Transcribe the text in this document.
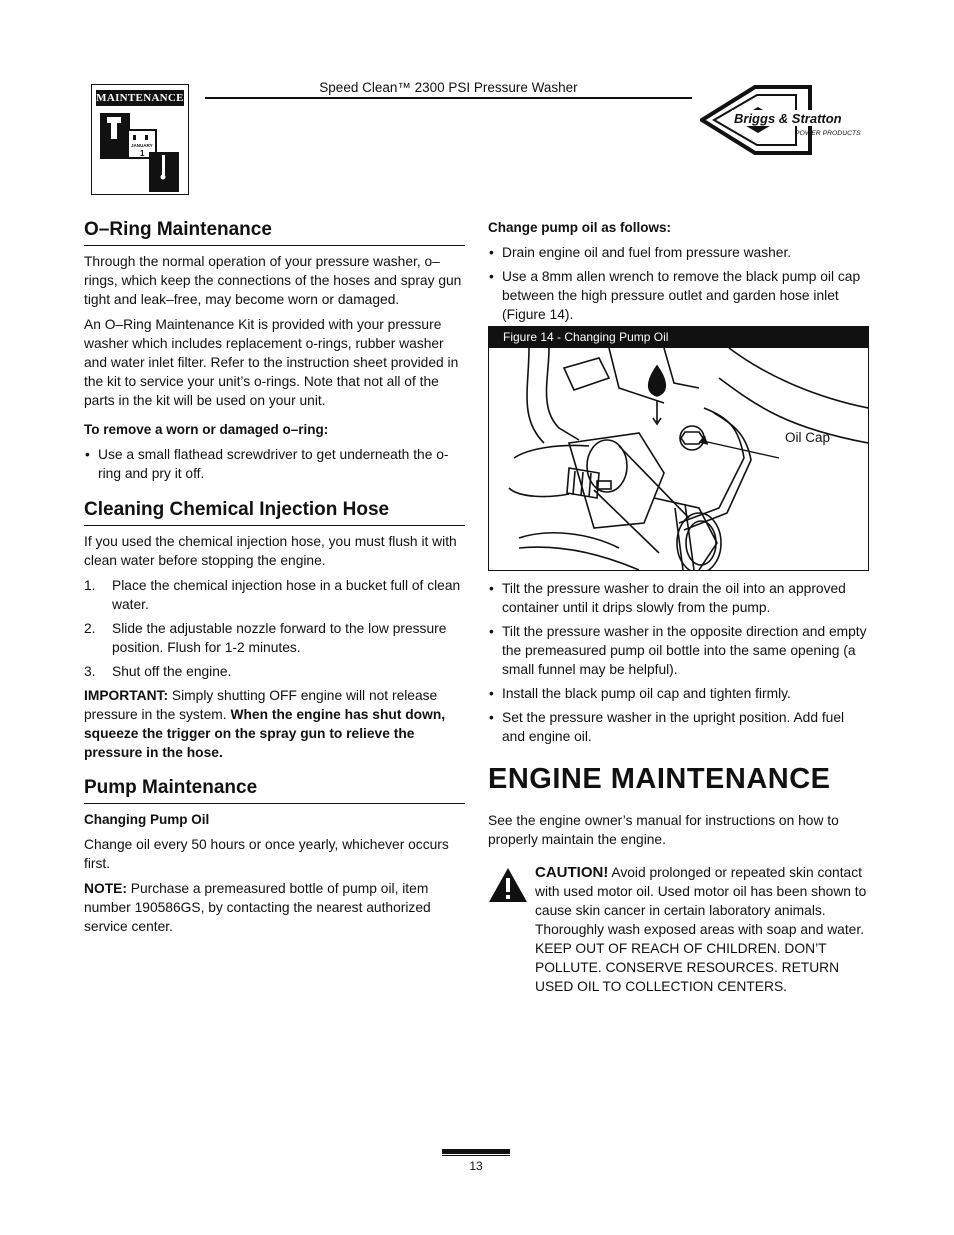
MAINTENANCE
JANUARY
1
Speed Clean™ 2300 PSI Pressure Washer
Briggs & Stratton
POWER PRODUCTS
O–Ring Maintenance

Through the normal operation of your pressure washer, o–rings, which keep the connections of the hoses and spray gun tight and leak–free, may become worn or damaged.

An O–Ring Maintenance Kit is provided with your pressure washer which includes replacement o-rings, rubber washer and water inlet filter. Refer to the instruction sheet provided in the kit to service your unit’s o-rings. Note that not all of the parts in the kit will be used on your unit.

To remove a worn or damaged o–ring:
• Use a small flathead screwdriver to get underneath the o-ring and pry it off.
Cleaning Chemical Injection Hose

If you used the chemical injection hose, you must flush it with clean water before stopping the engine.

1. Place the chemical injection hose in a bucket full of clean water.
2. Slide the adjustable nozzle forward to the low pressure position. Flush for 1-2 minutes.
3. Shut off the engine.

IMPORTANT: Simply shutting OFF engine will not release pressure in the system. When the engine has shut down, squeeze the trigger on the spray gun to relieve the pressure in the hose.

Pump Maintenance
Changing Pump Oil

Change oil every 50 hours or once yearly, whichever occurs first.

NOTE: Purchase a premeasured bottle of pump oil, item number 190586GS, by contacting the nearest authorized service center.

Change pump oil as follows:
• Drain engine oil and fuel from pressure washer.
• Use a 8mm allen wrench to remove the black pump oil cap between the high pressure outlet and garden hose inlet (Figure 14).
Figure 14 - Changing Pump Oil
Oil Cap
• Tilt the pressure washer to drain the oil into an approved container until it drips slowly from the pump.
• Tilt the pressure washer in the opposite direction and empty the premeasured pump oil bottle into the same opening (a small funnel may be helpful).
• Install the black pump oil cap and tighten firmly.
• Set the pressure washer in the upright position. Add fuel and engine oil.
ENGINE MAINTENANCE

See the engine owner’s manual for instructions on how to properly maintain the engine.

CAUTION! Avoid prolonged or repeated skin contact with used motor oil. Used motor oil has been shown to cause skin cancer in certain laboratory animals. Thoroughly wash exposed areas with soap and water.

KEEP OUT OF REACH OF CHILDREN. DON’T POLLUTE. CONSERVE RESOURCES. RETURN USED OIL TO COLLECTION CENTERS.

13
